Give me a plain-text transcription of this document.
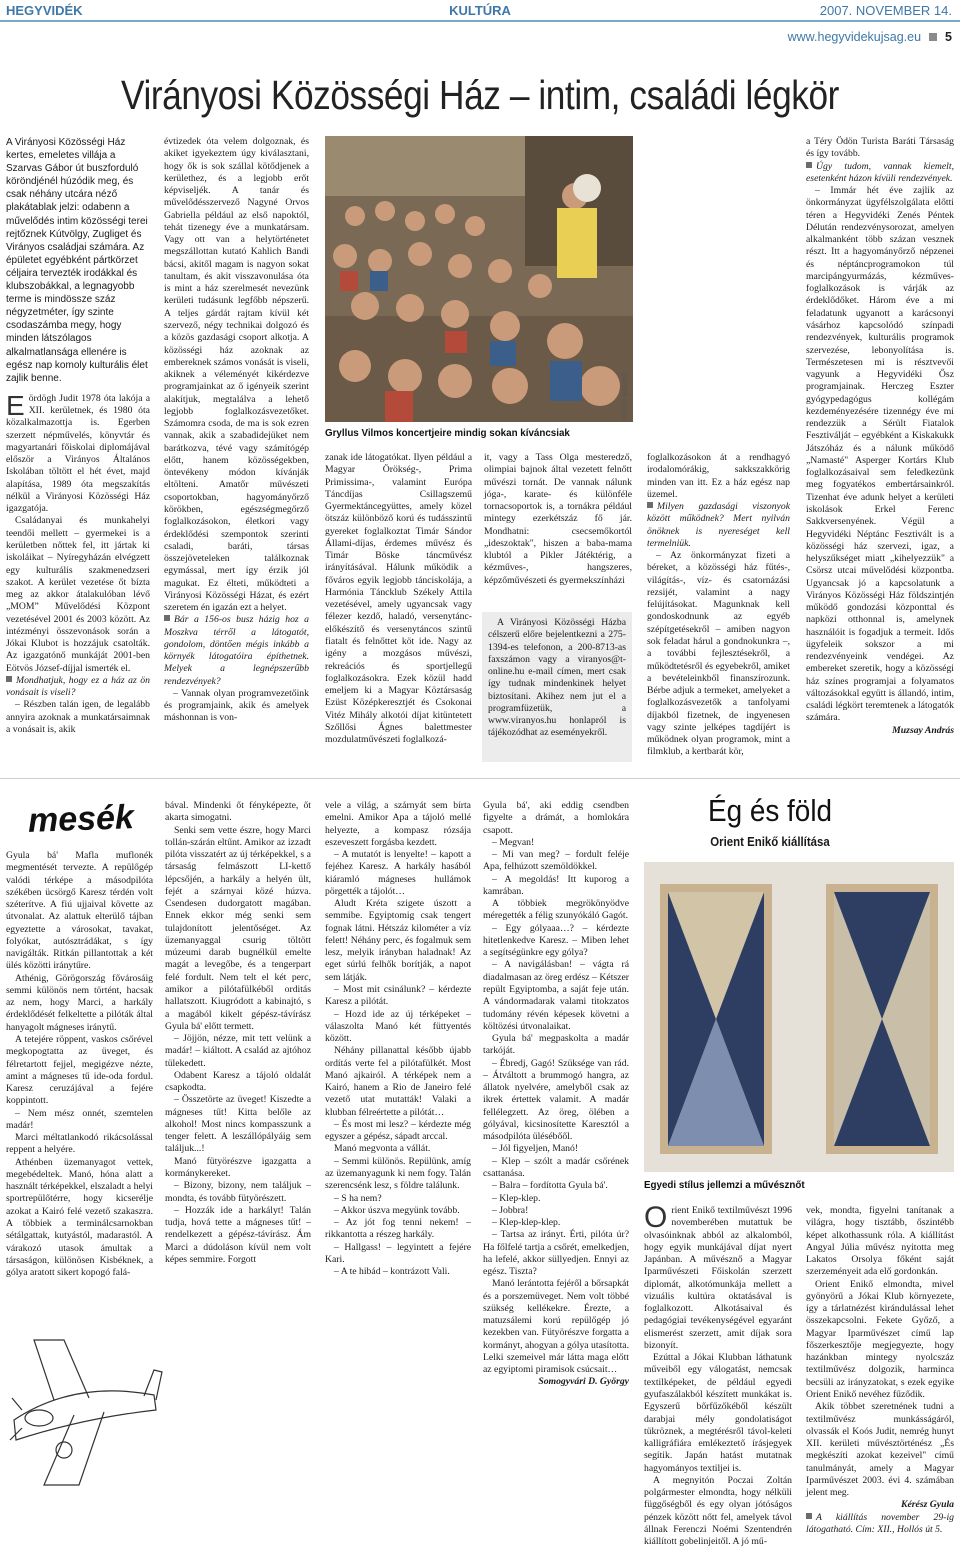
HEGYVIDÉK	KULTÚRA	2007. NOVEMBER 14.
www.hegyvidekujsag.eu 5
Virányosi Közösségi Ház – intim, családi légkör

A Virányosi Közösségi Ház kertes, emeletes villája a Szarvas Gábor út buszforduló köröndjénél húzódik meg, és csak néhány utcára néző plakátablak jelzi: odabenn a művelődés intim közösségi terei rejtőznek Kútvölgy, Zugliget és Virányos családjai számára. Az épületet egyébként pártkörzet céljaira tervezték irodákkal és klubszobákkal, a legnagyobb terme is mindössze száz négyzetméter, így szinte csodaszámba megy, hogy minden látszólagos alkalmatlansága ellenére is egész nap komoly kulturális élet zajlik benne.

E ördögh Judit 1978 óta lakója a XII. kerületnek, és 1980 óta közalkalmazottja is. Egerben szerzett népművelés, könyvtár és magyartanári főiskolai diplomájával először a Virányos Általános Iskolában töltött el hét évet, majd alapítása, 1989 óta megszakítás nélkül a Virányosi Közösségi Ház igazgatója.

Családanyai és munkahelyi teendői mellett – gyermekei is a kerületben nőttek fel, itt jártak ki iskoláikat – Nyíregyházán elvégzett egy kulturális szakmenedzseri szakot. A kerület vezetése őt bízta meg az akkor átalakulóban lévő „MOM” Művelődési Központ vezetésével 2001 és 2003 között. Az intézményi összevonások során a Jókai Klubot is hozzájuk csatolták. Az igazgatónő munkáját 2001-ben Eötvös József-díjjal ismerték el.

Mondhatjuk, hogy ez a ház az ön vonásait is viseli?

– Részben talán igen, de legalább annyira azoknak a munkatársaimnak a vonásait is, akik

évtizedek óta velem dolgoznak, és akiket igyekeztem úgy kiválasztani, hogy ők is sok szállal kötődjenek a kerülethez, és a legjobb erőt képviseljék. A tanár és művelődésszervező Nagyné Orvos Gabriella például az első napoktól, tehát tizenegy éve a munkatársam. Vagy ott van a helytörténetet megszállottan kutató Kahlich Bandi bácsi, akitől magam is nagyon sokat tanultam, és akit visszavonulása óta is mint a ház szerelmesét nevezünk kerületi tudásunk legfőbb népszerű. A teljes gárdát rajtam kívül két szervező, négy technikai dolgozó és a közös gazdasági csoport alkotja. A közösségi ház azoknak az embereknek számos vonását is viseli, akiknek a véleményét kikérdezve programjainkat az ő igényeik szerint alakítjuk, megtalálva a lehető legjobb foglalkozásvezetőket. Számomra csoda, de ma is sok ezren vannak, akik a szabadidejüket nem barátkozva, tévé vagy számítógép előtt, hanem közösségekben, öntevékeny módon kívánják eltölteni. Amatőr művészeti csoportokban, hagyományőrző körökben, egészségmegőrző foglalkozásokon, életkori vagy érdeklődési szempontok szerinti csaladi, baráti, társas összejöveteleken találkoznak egymással, mert így érzik jól magukat. Ez élteti, működteti a Virányosi Közösségi Házat, és ezért szeretem én igazán ezt a helyet.

Bár a 156-os busz házig hoz a Moszkva térről a látogatót, gondolom, döntően mégis inkább a környék látogatóira építhetnek. Melyek a legnépszerűbb rendezvények?

– Vannak olyan programvezetőink és programjaink, akik és amelyek máshonnan is von-

FOTÓ: BÁLINT
Gryllus Vilmos koncertjeire mindig sokan kíváncsiak

zanak ide látogatókat. Ilyen például a Magyar Örökség-, Prima Primissima-, valamint Európa Táncdíjas Csillagszemű Gyermektáncegyüttes, amely közel ötszáz különböző korú és tudásszintű gyereket foglalkoztat Timár Sándor Állami-díjas, érdemes művész és Timár Böske táncművész irányításával. Hálunk működik a főváros egyik legjobb tánciskolája, a Harmónia Táncklub Székely Attila vezetésével, amely ugyancsak vagy félezer kezdő, haladó, versenytánc-előkészítő és versenytáncos szintű fiatalt és felnőttet köt ide. Nagy az igény a mozgásos művészi, rekreációs és sportjellegű foglalkozásokra. Ezek közül hadd emeljem ki a Magyar Köztársaság Ezüst Középkeresztjét és Csokonai Vitéz Mihály alkotói díjat kitüntetett Szőllősi Ágnes balettmester mozdulatművészeti foglalkozá-

it, vagy a Tass Olga mesteredző, olimpiai bajnok által vezetett felnőtt művészi tornát. De vannak nálunk jóga-, karate- és különféle tornacsoportok is, a tornákra például mintegy ezerkétszáz fő jár. Mondhatni: csecsemőkortól „ideszoktak", hiszen a baba-mama klubtól a Pikler Játéktérig, a kézműves-, hangszeres, képzőművészeti és gyermekszínházi

A Virányosi Közösségi Házba célszerű előre bejelentkezni a 275-1394-es telefonon, a 200-8713-as faxszámon vagy a viranyos@t-online.hu e-mail címen, mert csak így tudnak mindenkinek helyet biztosítani. Akihez nem jut el a programfüzetük, a www.viranyos.hu honlapról is tájékozódhat az eseményekről.

foglalkozásokon át a rendhagyó irodalomórákig, sakkszakkörig minden van itt. Ez a ház egész nap üzemel.

Milyen gazdasági viszonyok között működnek? Mert nyilván önöknek is nyereséget kell termelniük.

– Az önkormányzat fizeti a béreket, a közösségi ház fűtés-, világítás-, víz- és csatornázási rezsijét, valamint a nagy felújításokat. Magunknak kell gondoskodnunk az egyéb szépítgetésekről – amiben nagyon sok feladat hárul a gondnokunkra –, a további fejlesztésekről, a működtetésről és egyebekről, amiket a bevételeinkből finanszírozunk. Bérbe adjuk a termeket, amelyeket a foglalkozásvezetők a tanfolyami díjakból fizetnek, de ingyenesen vagy szinte jelképes tagdíjért is működnek olyan programok, mint a filmklub, a kertbarát kör,

a Téry Ödön Turista Baráti Társaság és így tovább.

Úgy tudom, vannak kiemelt, esetenként házon kívüli rendezvények.

– Immár hét éve zajlik az önkormányzat ügyfélszolgálata előtti téren a Hegyvidéki Zenés Péntek Délután rendezvénysorozat, amelyen alkalmanként több százan vesznek részt. Itt a hagyományőrző népzenei és néptáncprogramokon túl marcipángyurmázás, kézműves-foglalkozások is várják az érdeklődőket. Három éve a mi feladatunk ugyanott a karácsonyi vásárhoz kapcsolódó színpadi rendezvények, kulturális programok szervezése, lebonyolítása is. Természetesen mi is résztvevői vagyunk a Hegyvidéki Ősz programjainak. Herczeg Eszter gyógypedagógus kollégám kezdeményezésére tizennégy éve mi rendezzük a Sérült Fiatalok Fesztiválját – egyébként a Kiskakukk Játszóház és a nálunk működő „Namasté" Asperger Kortárs Klub foglalkozásaival sem feledkezünk meg fogyatékos embertársainkról. Tizenhat éve adunk helyet a kerületi iskolások Erkel Ferenc Sakkversenyének. Végül a Hegyvidéki Néptánc Fesztivált is a közösségi ház szervezi, igaz, a helyszűkséget miatt „kihelyezzük" a Csörsz utcai művelődési központba. Ugyancsak jó a kapcsolatunk a Virányos Közösségi Ház földszintjén működő gondozási központtal és napközi otthonnal is, amelynek használóit is fogadjuk a termeit. Idős ügyfeleik sokszor a mi rendezvényeink vendégei. Az embereket szeretik, hogy a közösségi ház színes programjai a folyamatos változásokkal együtt is állandó, intim, családi légkört teremtenek a látogatók számára.

Muzsay András

mesék

Gyula bá' Mafla muflonék megmentését tervezte. A repülőgép valódi térképe a másodpilóta székében ücsörgő Karesz térdén volt széterítve. A fiú ujjaival követte az útvonalat. Az alattuk elterülő tájban egyeztette a városokat, tavakat, folyókat, autósztrádákat, s így navigálták. Ritkán pillantottak a két ülés közötti iránytűre.

Athénig, Görögország fővárosáig semmi különös nem történt, hacsak az nem, hogy Marci, a harkály érdeklődését felkeltette a pilóták által hanyagolt mágneses iránytű.

A tetejére röppent, vaskos csőrével megkopogtatta az üveget, és félretartott fejjel, megigézve nézte, amint a mágneses tű ide-oda fordul. Karesz ceruzájával a fejére koppintott.

– Nem mész onnét, szemtelen madár!

Marci méltatlankodó rikácsolással reppent a helyére.

Athénben üzemanyagot vettek, megebédeltek. Manó, hóna alatt a használt térképekkel, elszaladt a helyi sportrepülőtérre, hogy kicserélje azokat a Kairó felé vezető szakaszra. A többiek a terminálcsarnokban sétálgattak, kutyástól, madarastól. A várakozó utasok ámultak a társaságon, különösen Kisbéknek, a gólya aratott sikert kopogó falá-

bával. Mindenki őt fényképezte, őt akarta simogatni.

Senki sem vette észre, hogy Marci tollán-szárán eltűnt. Amikor az izzadt pilóta visszatért az új térképekkel, s a társaság felmászott LI-kettő lépcsőjén, a harkály a helyén ült, fejét a szárnyai közé húzva. Csendesen dudorgatott magában. Ennek ekkor még senki sem tulajdonított jelentőséget. Az üzemanyaggal csurig töltött múzeumi darab bugnélkül emelte magát a levegőbe, és a tengerpart felé fordult. Nem telt el két perc, amikor a pilótafülkéből orditás hallatszott. Kiugródott a kabinajtó, s a magából kikelt gépész-távírász Gyula bá' előtt termett.

– Jöjjön, nézze, mit tett velünk a madár! – kiáltott. A család az ajtóhoz tülekedett.

Odabent Karesz a tájoló oldalát csapkodta.

– Összetörte az üveget! Kiszedte a mágneses tűt! Kitta belőle az alkohol! Most nincs kompasszunk a tenger felett. A leszállópályáig sem találjuk...!

Manó fütyörészve igazgatta a kormánykereket.

– Bizony, bizony, nem találjuk – mondta, és tovább fütyörészett.

– Hozzák ide a harkályt! Talán tudja, hová tette a mágneses tűt! – rendelkezett a gépész-távírász. Ám Marci a dúdoláson kívül nem volt képes semmire. Forgott

vele a világ, a szárnyát sem bírta emelni. Amikor Apa a tájoló mellé helyezte, a kompasz rózsája eszeveszett forgásba kezdett.

– A mutatót is lenyelte! – kapott a fejéhez Karesz. A harkály hasából kiáramló mágneses hullámok pörgették a tájolót…

Aludt Kréta szigete úszott a semmibe. Egyiptomig csak tengert fognak látni. Hétszáz kilométer a víz felett! Néhány perc, és fogalmuk sem lesz, melyik irányban haladnak! Az eget súrlú felhők borítják, a napot sem látják.

– Most mit csinálunk? – kérdezte Karesz a pilótát.

– Hozd ide az új térképeket – válaszolta Manó két füttyentés között.

Néhány pillanattal később újabb ordítás verte fel a pilótafülkét. Most Manó ajkairól. A térképek nem a Kairó, hanem a Rio de Janeiro felé vezető utat mutatták! Valaki a klubban félreértette a pilótát…

– És most mi lesz? – kérdezte még egyszer a gépész, sápadt arccal.

Manó megvonta a vállát.

– Semmi különös. Repülünk, amíg az üzemanyagunk ki nem fogy. Talán szerencsénk lesz, s földre találunk.

– S ha nem?

– Akkor úszva megyünk tovább.

– Az jót fog tenni nekem! – rikkantotta a részeg harkály.

– Hallgass! – legyintett a fejére Kari.

– A te hibád – kontrázott Vali.

Gyula bá', aki eddig csendben figyelte a drámát, a homlokára csapott.

– Megvan!

– Mi van meg? – fordult feléje Apa, felhúzott szemöldökkel.

– A megoldás! Itt kuporog a kamrában.

A többiek megrökönyödve méregették a félig szunyókáló Gagót.

– Egy gólyaaa…? – kérdezte hitetlenkedve Karesz. – Miben lehet a segítségünkre egy gólya?

– A navigálásban! – vágta rá diadalmasan az öreg erdész – Kétszer repült Egyiptomba, a saját feje után. A vándormadarak valami titokzatos tudomány révén képesek követni a költözési útvonalaikat.

Gyula bá' megpaskolta a madár tarkóját.

– Ébredj, Gagó! Szüksége van rád. – Átváltott a brummogó hangra, az állatok nyelvére, amelyből csak az ikrek értettek valamit. A madár fellélegzett. Az öreg, ölében a gólyával, kicsinosítette Karesztól a másodpilóta ülésébőől.

– Jól figyeljen, Manó!

– Klep – szólt a madár csőrének csattanása.

– Balra – fordította Gyula bá'.

– Klep-klep.

– Jobbra!

– Klep-klep-klep.

– Tartsa az irányt. Érti, pilóta úr? Ha főlfelé tartja a csőrét, emelkedjen, ha lefelé, akkor süllyedjen. Ennyi az egész. Tiszta?

Manó lerántotta fejéről a bőrsapkát és a porszemüveget. Nem volt többé szükség kellékekre. Érezte, a matuzsálemi korú repülőgép jó kezekben van. Fütyörészve forgatta a kormányt, ahogyan a gólya utasította. Lelki szemeivel már látta maga előtt az egyiptomi piramisok csúcsait…

Somogyvári D. György

Ég és föld
Orient Enikő kiállítása
Egyedi stílus jellemzi a művésznőt
O rient Enikő textilművészt 1996 novemberében mutattuk be olvasóinknak abból az alkalomból, hogy egyik munkájával díjat nyert Japánban. A művésznő a Magyar Iparművészeti Főiskolán szerzett diplomát, alkotómunkája mellett a vizuális kultúra oktatásával is foglalkozott. Alkotásaival és pedagógiai tevékenységével egyaránt elismerést szerzett, amit díjak sora bizonyít.

Ezúttal a Jókai Klubban láthatunk műveiből egy válogatást, nemcsak textilképeket, de például egyedi gyufaszálakból készített munkákat is. Egyszerű bőrfűzőkéből készült darabjai mély gondolatiságot tükröznek, a megtérésről távol-keleti kalligráfiára emlékeztető írásjegyek segítik. Japán hatást mutatnak hagyományos textiljei is.

A megnyitón Poczai Zoltán polgármester elmondta, hogy nélküli függőségből és egy olyan jótóságos pénzek között nőtt fel, amelyek távol állnak Ferenczi Noémi Szentendrén kiállított gobelinjeitől. A jó mű-

vek, mondta, figyelni tanítanak a világra, hogy tisztább, őszintébb képet alkothassunk róla. A kiállítást Angyal Júlia művész nyitotta meg Lakatos Orsolya főként saját szerzeményeit ada elő gordonkán.

Orient Enikő elmondta, mivel gyönyörű a Jókai Klub környezete, így a tárlatnézést kirándulással lehet összekapcsolni. Fekete Győző, a Magyar Iparművészet című lap főszerkesztője megjegyezte, hogy hazánkban mintegy nyolcszáz textilművész dolgozik, harminca becsüli az irányzatokat, s ezek egyike Orient Enikő nevéhez fűződik.

Akik többet szeretnének tudni a textilművész munkásságáról, olvassák el Koós Judit, nemrég hunyt XII. kerületi művésztörténész „És megkészíti azokat kezeivel" című tanulmányát, amely a Magyar Iparművészet 2003. évi 4. számában jelent meg.

Kérész Gyula

A kiállítás november 29-ig látogatható. Cím: XII., Hollós út 5.
